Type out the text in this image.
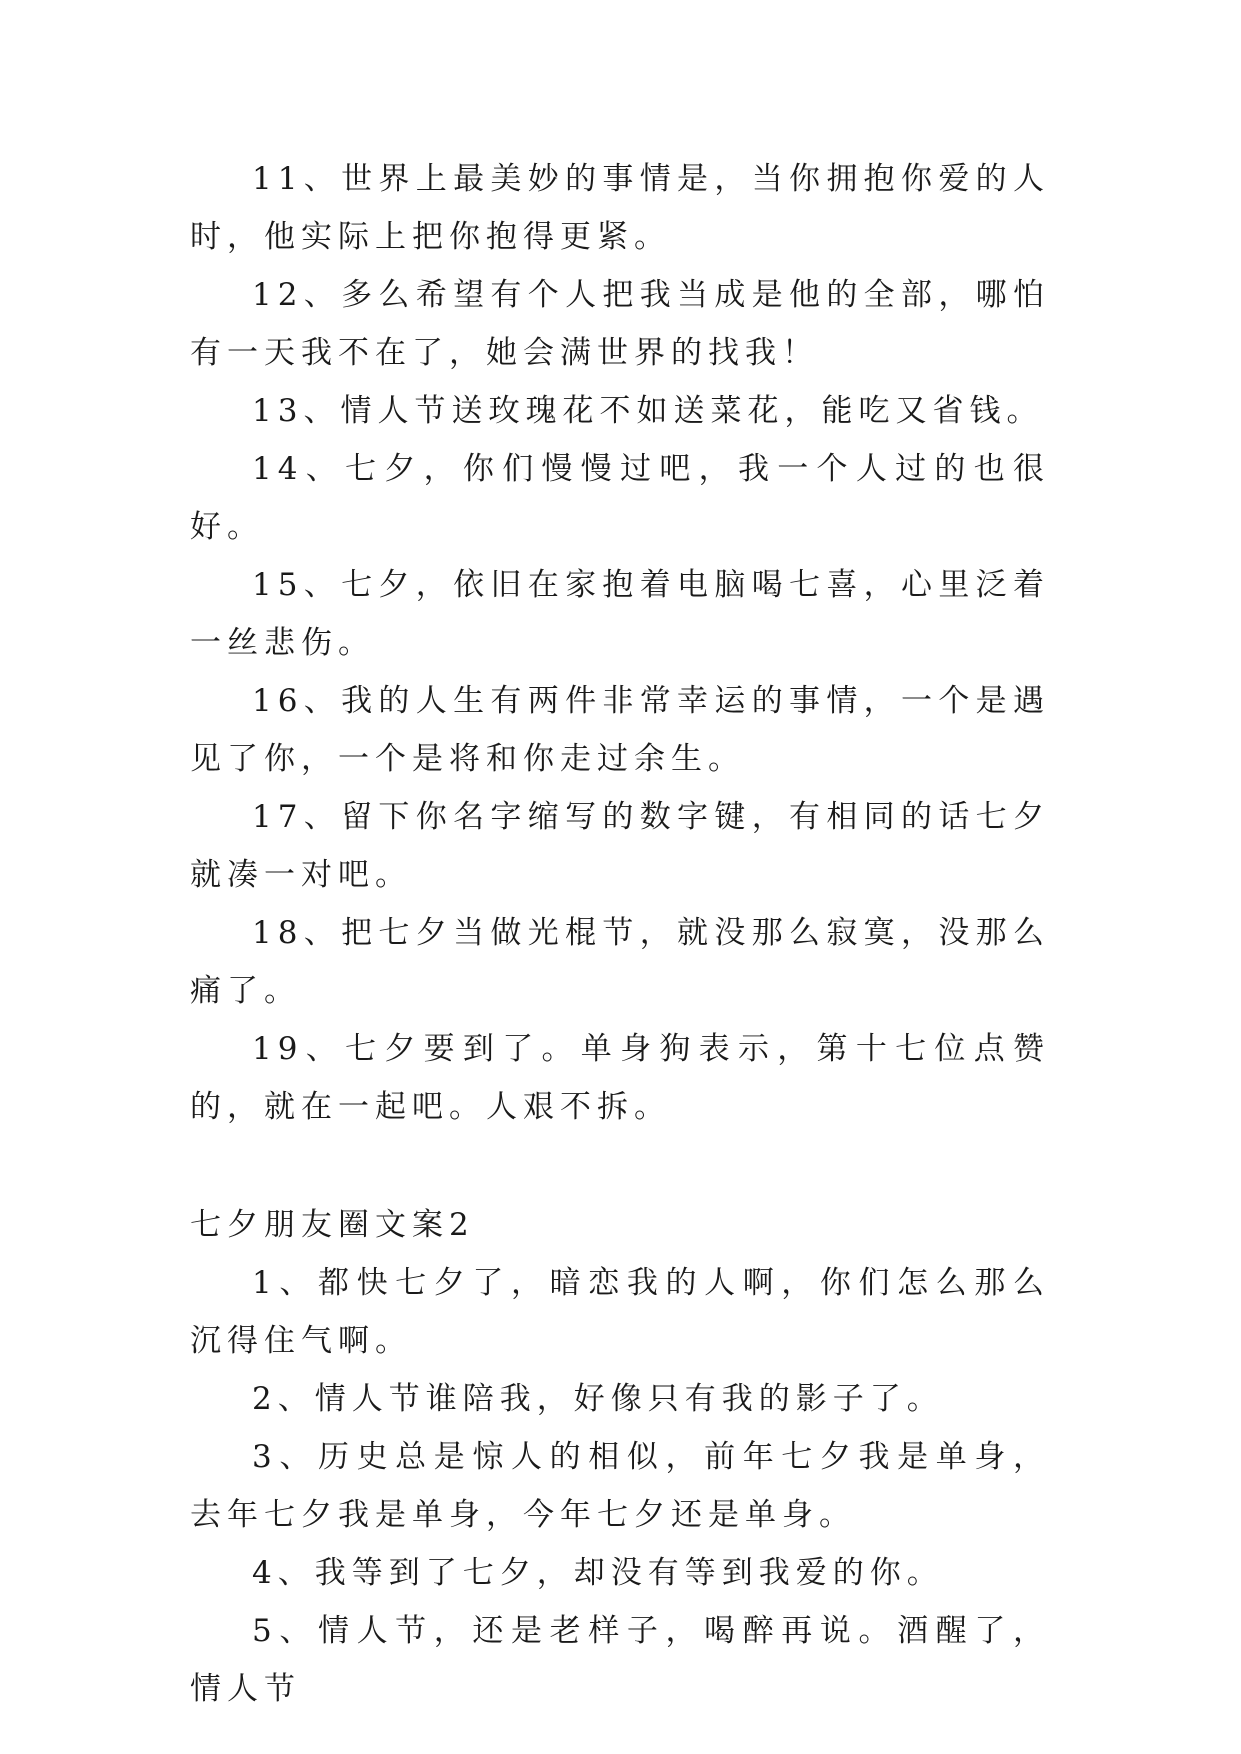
11、世界上最美妙的事情是，当你拥抱你爱的人时，他实际上把你抱得更紧。

12、多么希望有个人把我当成是他的全部，哪怕有一天我不在了，她会满世界的找我！

13、情人节送玫瑰花不如送菜花，能吃又省钱。

14、七夕，你们慢慢过吧，我一个人过的也很好。

15、七夕，依旧在家抱着电脑喝七喜，心里泛着一丝悲伤。

16、我的人生有两件非常幸运的事情，一个是遇见了你，一个是将和你走过余生。

17、留下你名字缩写的数字键，有相同的话七夕就凑一对吧。

18、把七夕当做光棍节，就没那么寂寞，没那么痛了。

19、七夕要到了。单身狗表示，第十七位点赞的，就在一起吧。人艰不拆。

七夕朋友圈文案2

1、都快七夕了，暗恋我的人啊，你们怎么那么沉得住气啊。

2、情人节谁陪我，好像只有我的影子了。

3、历史总是惊人的相似，前年七夕我是单身，去年七夕我是单身，今年七夕还是单身。

4、我等到了七夕，却没有等到我爱的你。

5、情人节，还是老样子，喝醉再说。酒醒了，情人节
